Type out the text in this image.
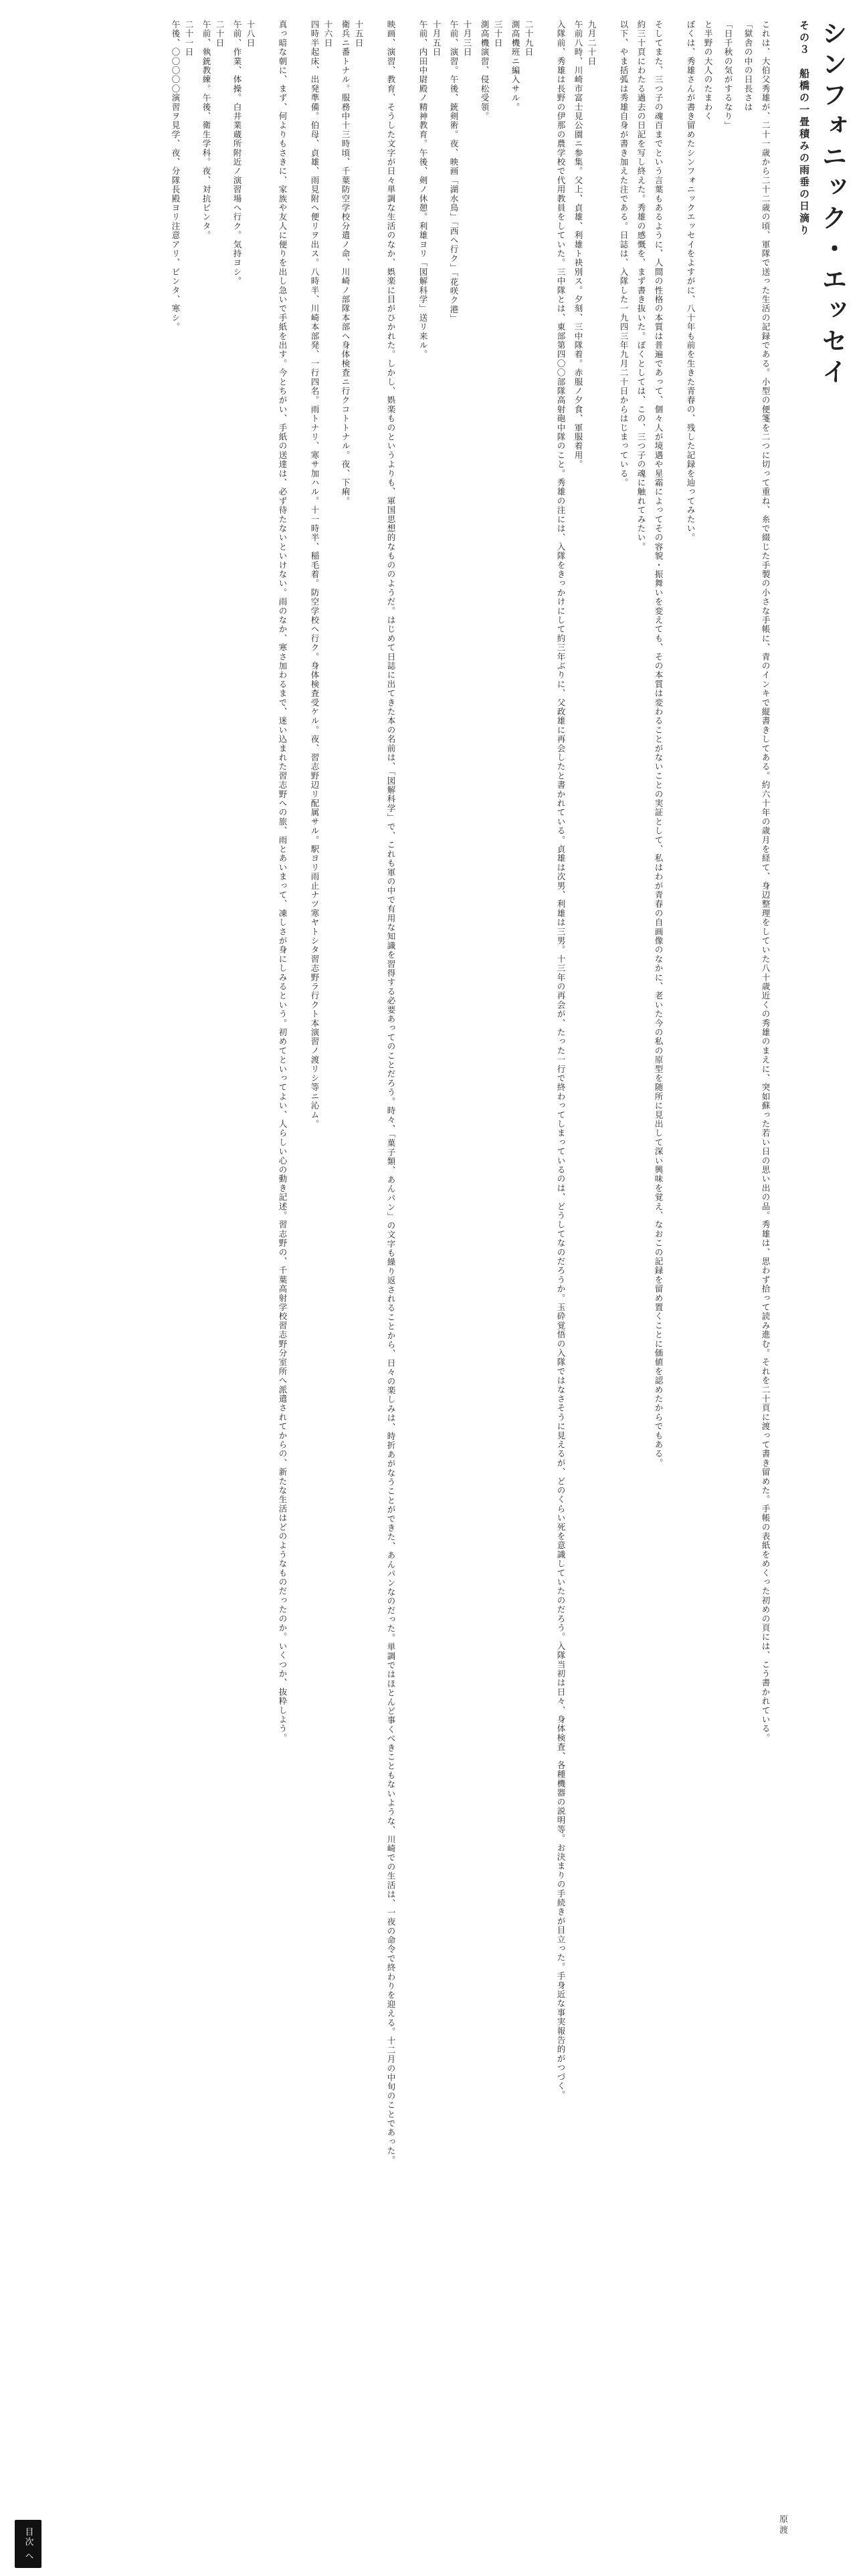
シンフォニック・エッセイ
その３　船橋の一畳積みの雨垂の日滴り

これは、大伯父秀雄が、二十一歳から二十二歳の頃、軍隊で送った生活の記録である。小型の便箋を二つに切って重ね、糸で綴じた手製の小さな手帳に、青のインキで縦書きしてある。約六十年の歳月を経て、身辺整理をしていた八十歳近くの秀雄のまえに、突如蘇った若い日の思い出の品。秀雄は、思わず拾って読み進む。それを二十頁に渡って書き留めた。手帳の表紙をめくった初めの頁には、こう書かれている。

「獄舎の中の日長さは

「日千秋の気がするなり」

と半野の大人のたまわく

ぼくは、秀雄さんが書き留めたシンフォニックエッセイをよすがに、八十年も前を生きた青春の、残した記録を辿ってみたい。

そしてまた、三つ子の魂百までという言葉もあるように、人間の性格の本質は普遍であって、個々人が境遇や星霜によってその容貌・振舞いを変えても、その本質は変わることがないことの実証として、私はわが青春の自画像のなかに、老いた今の私の原型を随所に見出して深い興味を覚え、なおこの記録を留め置くことに価値を認めたからでもある。

約三十頁にわたる過去の日記を写し終えた。秀雄の感慨を、まず書き抜いた。ぼくとしては、この、三つ子の魂に触れてみたい。

以下、やま括弧は秀雄自身が書き加えた注である。日誌は、入隊した一九四三年九月二十日からはじまっている。

九月二十日

午前八時、川崎市富士見公園ニ参集。父上、貞雄、利雄ト袂別ス。夕刻、三中隊着。赤服ノ夕食、軍服着用。

入隊前、秀雄は長野の伊那の農学校で代用教員をしていた。三中隊とは、東部第四〇〇部隊高射砲中隊のこと。秀雄の注には、入隊をきっかけにして約三年ぶりに、父政雄に再会したと書かれている。貞雄は次男、利雄は三男。十三年の再会が、たった一行で終わってしまっているのは、どうしてなのだろうか。玉砕覚悟の入隊ではなさそうに見えるが、どのくらい死を意識していたのだろう。入隊当初は日々、身体検査、各種機器の説明等。お決まりの手続きが目立った。手身近な事実報告的がつづく。

二十九日

測高機班ニ編入サル。

三十日

測高機演習、侵松受領。

十月三日

午前、演習。午後、銃剣術。夜、映画「湖水鳥」「西ヘ行ク」「花咲ク港」

十月五日

午前、内田中尉殿ノ精神教育。午後、剣ノ休憩。利雄ヨリ「図解科学」送リ来ル。

映画、演習、教育、そうした文字が日々単調な生活のなか、娯楽に目がひかれた。しかし、娯楽ものというよりも、軍国思想的なもののようだ。はじめて日誌に出てきた本の名前は、「図解科学」で、これも軍の中で有用な知識を習得する必要あってのことだろう。時々、「菓子類、あんパン」の文字も繰り返されることから、日々の楽しみは、時折あがなうことができた、あんパンなのだった。単調ではほとんど事くべきこともないような、川崎での生活は、一夜の命令で終わりを迎える。十二月の中旬のことであった。

十五日

衛兵ニ番トナル。服務中十三時頃、千葉防空学校分遣ノ命、川崎ノ部隊本部ヘ身体検査ニ行クコトトナル。夜、下痢。

十六日

四時半起床、出発準備。伯母、貞雄、雨見附ヘ便リヲ出ス。八時半、川崎本部発、一行四名。雨トナリ、寒サ加ハル。十一時半、稲毛着。防空学校ヘ行ク。身体検査受ケル。夜、習志野辺リ配属サル。駅ヨリ雨止ナツ寒ヤトシタ習志野ラ行クト本演習ノ渡リシ等ニ沁ム。

真っ暗な朝に、まず、何よりもさきに、家族や友人に便りを出し急いで手紙を出す。今とちがい、手紙の送達は、必ず待たないといけない。雨のなか、寒さ加わるまで、迷い込まれた習志野への旅、雨とあいまって、凍しさが身にしみるという。初めてといってよい、人らしい心の動き記述。習志野の、千葉高射学校習志野分室所へ派遣されてからの、新たな生活はどのようなものだったのか。いくつか、抜粋しよう。

十八日

午前、作業、体操。白井業蔵所附近ノ演習場ヘ行ク。気持ヨシ。

二十日

午前、執銃教練。午後、衛生学科。夜、対抗ビンタ。

二十一日

午後、〇〇〇〇〇演習ヲ見学、夜、分隊長殿ヨリ注意アリ、ビンタ、寒シ。

原渡
目次
ヘ
